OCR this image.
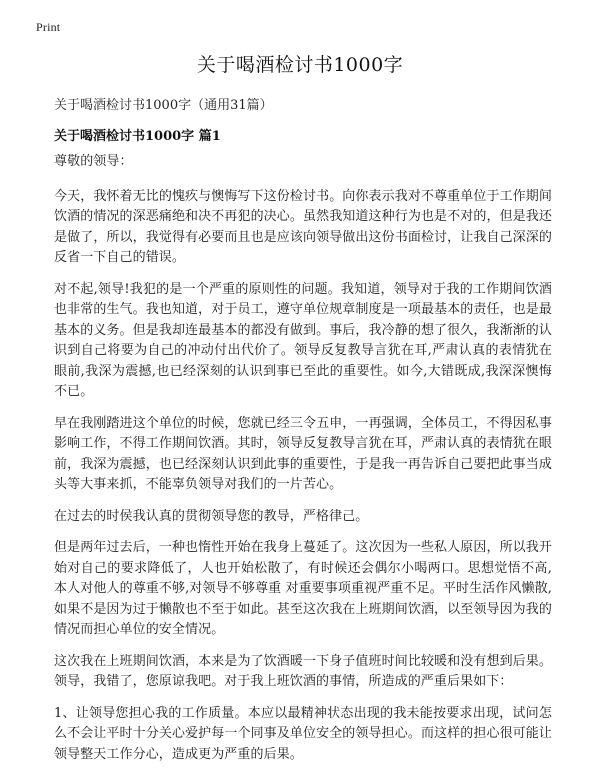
Print
关于喝酒检讨书1000字
关于喝酒检讨书1000字（通用31篇）
关于喝酒检讨书1000字 篇1

尊敬的领导：

今天，我怀着无比的愧疚与懊悔写下这份检讨书。向你表示我对不尊重单位于工作期间饮酒的情况的深恶痛绝和决不再犯的决心。虽然我知道这种行为也是不对的，但是我还是做了，所以，我觉得有必要而且也是应该向领导做出这份书面检讨，让我自己深深的反省一下自己的错误。

对不起,领导!我犯的是一个严重的原则性的问题。我知道，领导对于我的工作期间饮酒也非常的生气。我也知道，对于员工，遵守单位规章制度是一项最基本的责任，也是最基本的义务。但是我却连最基本的都没有做到。事后，我冷静的想了很久，我渐渐的认识到自己将要为自己的冲动付出代价了。领导反复教导言犹在耳,严肃认真的表情犹在眼前,我深为震撼,也已经深刻的认识到事已至此的重要性。如今,大错既成,我深深懊悔不已。

早在我刚踏进这个单位的时候，您就已经三令五申，一再强调，全体员工，不得因私事影响工作，不得工作期间饮酒。其时，领导反复教导言犹在耳，严肃认真的表情犹在眼前，我深为震撼，也已经深刻认识到此事的重要性，于是我一再告诉自己要把此事当成头等大事来抓，不能辜负领导对我们的一片苦心。

在过去的时侯我认真的贯彻领导您的教导，严格律己。

但是两年过去后，一种也惰性开始在我身上蔓延了。这次因为一些私人原因，所以我开始对自己的要求降低了，人也开始松散了，有时候还会偶尔小喝两口。思想觉悟不高,本人对他人的尊重不够,对领导不够尊重 对重要事项重视严重不足。平时生活作风懒散,如果不是因为过于懒散也不至于如此。甚至这次我在上班期间饮酒，以至领导因为我的情况而担心单位的安全情况。

这次我在上班期间饮酒，本来是为了饮酒暖一下身子值班时间比较暖和没有想到后果。领导，我错了，您原谅我吧。对于我上班饮酒的事情，所造成的严重后果如下：

1、让领导您担心我的工作质量。本应以最精神状态出现的我未能按要求出现，试问怎么不会让平时十分关心爱护每一个同事及单位安全的领导担心。而这样的担心很可能让领导整天工作分心，造成更为严重的后果。
